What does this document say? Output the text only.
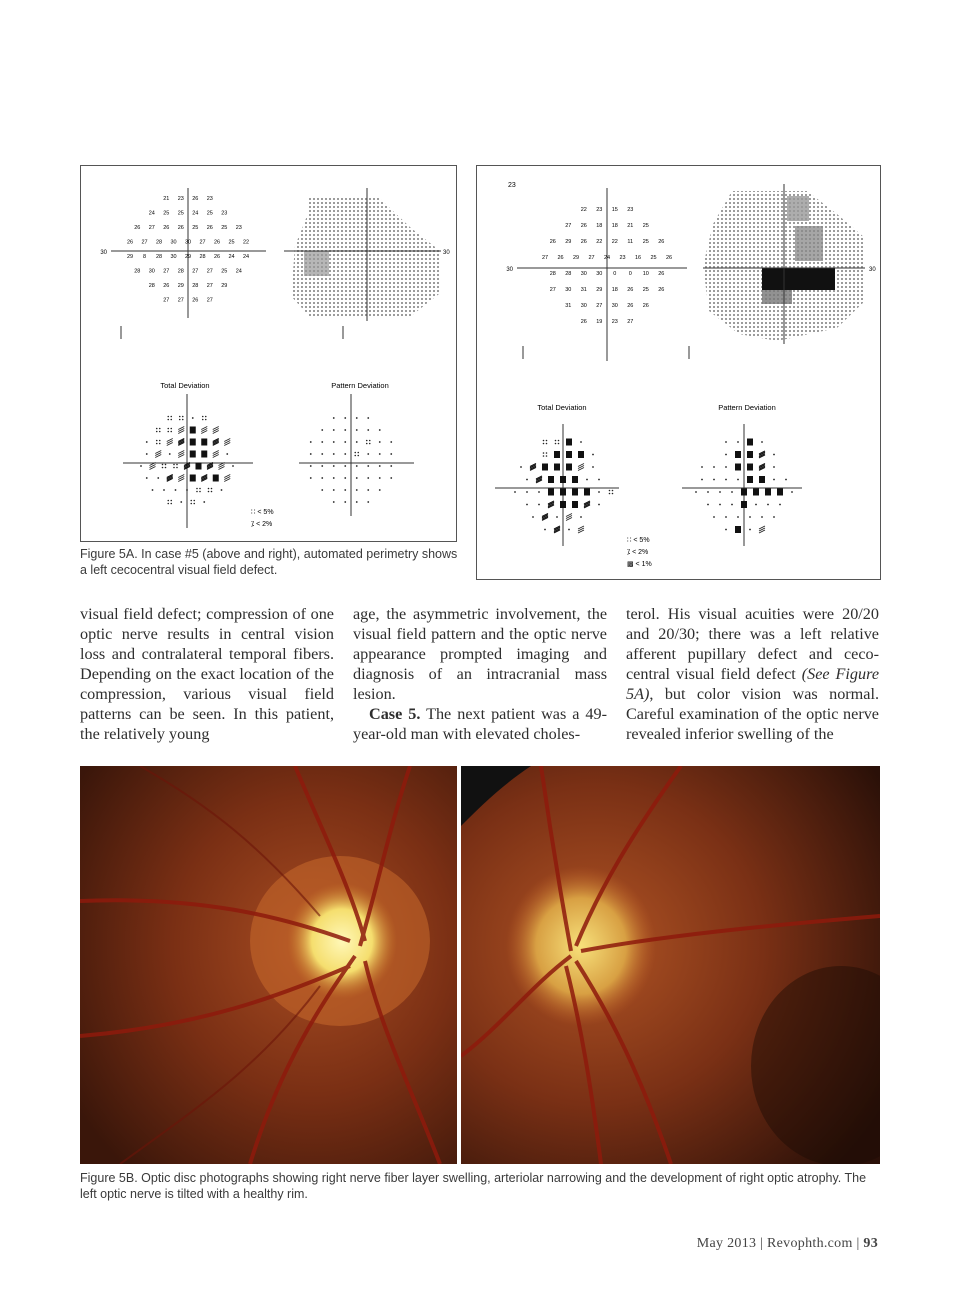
30
30
21 23 26 23
24 25 25 24 25 23
26 27 26 26 25 26 25 23
26 27 28 30 30 27 26 25 22
29 8 28 30 29 28 26 24 24
28 30 27 28 27 27 25 24
28 26 29 28 27 29
27 27 26 27
Total Deviation	Pattern Deviation
∷ < 5%
⁒ < 2%
23
30
30
22 23 15 23
27 26 18 18 21 25
26 29 26 22 22 11 25 26
27 26 29 27 24 23 16 25 26
28 28 30 30 0 0 10 26
27 30 31 29 18 26 25 26
31 30 27 30 26 26
26 19 23 27
Total Deviation	Pattern Deviation
∷ < 5%
⁒ < 2%
▩ < 1%
Figure 5A. In case #5 (above and right), automated perimetry shows a left cecocentral visual field defect.

visual field defect; compression of one optic nerve results in central vision loss and contralateral temporal fibers. Depending on the exact location of the compression, various visual field patterns can be seen. In this patient, the relatively young

age, the asymmetric involvement, the visual field pattern and the optic nerve appearance prompted imaging and diagnosis of an intracranial mass lesion.

Case 5. The next patient was a 49-year-old man with elevated choles-

terol. His visual acuities were 20/20 and 20/30; there was a left relative afferent pupillary defect and ceco-central visual field defect (See Figure 5A), but color vision was normal. Careful examination of the optic nerve revealed inferior swelling of the

Figure 5B. Optic disc photographs showing right nerve fiber layer swelling, arteriolar narrowing and the development of right optic atrophy. The left optic nerve is tilted with a healthy rim.
May 2013 | Revophth.com | 93
